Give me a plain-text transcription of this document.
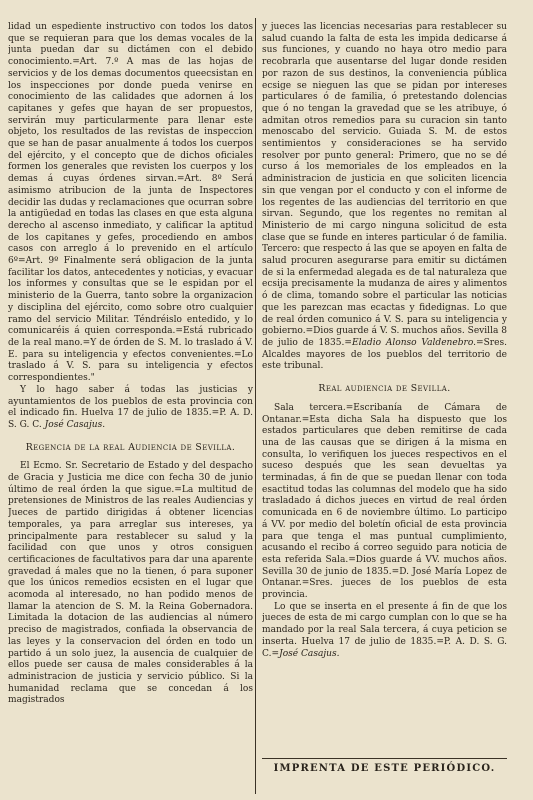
lidad un espediente instructivo con todos los datos que se requieran para que los demas vocales de la junta puedan dar su dictámen con el debido conocimiento.=Art. 7.º A mas de las hojas de servicios y de los demas documentos queecsistan en los inspecciones por donde pueda venirse en conocimiento de las calidades que adornen á los capitanes y gefes que hayan de ser propuestos, servirán muy particularmente para llenar este objeto, los resultados de las revistas de inspeccion que se han de pasar anualmente á todos los cuerpos del ejército, y el concepto que de dichos oficiales formen los generales que revisten los cuerpos y los demas á cuyas órdenes sirvan.=Art. 8º Será asimismo atribucion de la junta de Inspectores decidir las dudas y reclamaciones que ocurran sobre la antigüedad en todas las clases en que esta alguna derecho al ascenso inmediato, y calificar la aptitud de los capitanes y gefes, procediendo en ambos casos con arreglo á lo prevenido en el artículo 6º=Art. 9º Finalmente será obligacion de la junta facilitar los datos, antecedentes y noticias, y evacuar los informes y consultas que se le espidan por el ministerio de la Guerra, tanto sobre la organizacion y disciplina del ejército, como sobre otro cualquier ramo del servicio Militar. Téndréislo entedido, y lo comunicaréis á quien corresponda.=Está rubricado de la real mano.=Y de órden de S. M. lo traslado á V. E. para su inteligencia y efectos convenientes.=Lo traslado á V. S. para su inteligencia y efectos correspondientes."

Y lo hago saber á todas las justicias y ayuntamientos de los pueblos de esta provincia con el indicado fin. Huelva 17 de julio de 1835.=P. A. D. S. G. C. José Casajus.

Regencia de la real Audiencia de Sevilla.

El Ecmo. Sr. Secretario de Estado y del despacho de Gracia y Justicia me dice con fecha 30 de junio último de real órden la que sigue.=La multitud de pretensiones de Ministros de las reales Audiencias y Jueces de partido dirigidas á obtener licencias temporales, ya para arreglar sus intereses, ya principalmente para restablecer su salud y la facilidad con que unos y otros consiguen certificaciones de facultativos para dar una aparente gravedad á males que no la tienen, ó para suponer que los únicos remedios ecsisten en el lugar que acomoda al interesado, no han podido menos de llamar la atencion de S. M. la Reina Gobernadora. Limitada la dotacion de las audiencias al número preciso de magistrados, confiada la observancia de las leyes y la conservacion del órden en todo un partido á un solo juez, la ausencia de cualquier de ellos puede ser causa de males considerables á la administracion de justicia y servicio público. Si la humanidad reclama que se concedan á los magistrados

y jueces las licencias necesarias para restablecer su salud cuando la falta de esta les impida dedicarse á sus funciones, y cuando no haya otro medio para recobrarla que ausentarse del lugar donde residen por razon de sus destinos, la conveniencia pública ecsige se nieguen las que se pidan por intereses particulares ó de familia, ó pretestando dolencias que ó no tengan la gravedad que se les atribuye, ó admitan otros remedios para su curacion sin tanto menoscabo del servicio. Guiada S. M. de estos sentimientos y consideraciones se ha servido resolver por punto general: Primero, que no se dé curso á los memoriales de los empleados en la administracion de justicia en que soliciten licencia sin que vengan por el conducto y con el informe de los regentes de las audiencias del territorio en que sirvan. Segundo, que los regentes no remitan al Ministerio de mi cargo ninguna solicitud de esta clase que se funde en interes particular ó de familia. Tercero: que respecto á las que se apoyen en falta de salud procuren asegurarse para emitir su dictámen de si la enfermedad alegada es de tal naturaleza que ecsija precisamente la mudanza de aires y alimentos ó de clima, tomando sobre el particular las noticias que les parezcan mas ecactas y fidedignas. Lo que de real órden comunico á V. S. para su inteligencia y gobierno.=Dios guarde á V. S. muchos años. Sevilla 8 de julio de 1835.=Eladio Alonso Valdenebro.=Sres. Alcaldes mayores de los pueblos del territorio de este tribunal.

Real audiencia de Sevilla.

Sala tercera.=Escribanía de Cámara de Ontanar.=Esta dicha Sala ha dispuesto que los estados particulares que deben remitirse de cada una de las causas que se dirigen á la misma en consulta, lo verifiquen los jueces respectivos en el suceso después que les sean devueltas ya terminadas, á fin de que se puedan llenar con toda esactitud todas las columnas del modelo que ha sido trasladado á dichos jueces en virtud de real órden comunicada en 6 de noviembre último. Lo participo á VV. por medio del boletín oficial de esta provincia para que tenga el mas puntual cumplimiento, acusando el recibo á correo seguido para noticia de esta referida Sala.=Dios guarde á VV. muchos años. Sevilla 30 de junio de 1835.=D. José María Lopez de Ontanar.=Sres. jueces de los pueblos de esta provincia.

Lo que se inserta en el presente á fin de que los jueces de esta de mi cargo cumplan con lo que se ha mandado por la real Sala tercera, á cuya peticion se inserta. Huelva 17 de julio de 1835.=P. A. D. S. G. C.=José Casajus.

IMPRENTA DE ESTE PERIÓDICO.
